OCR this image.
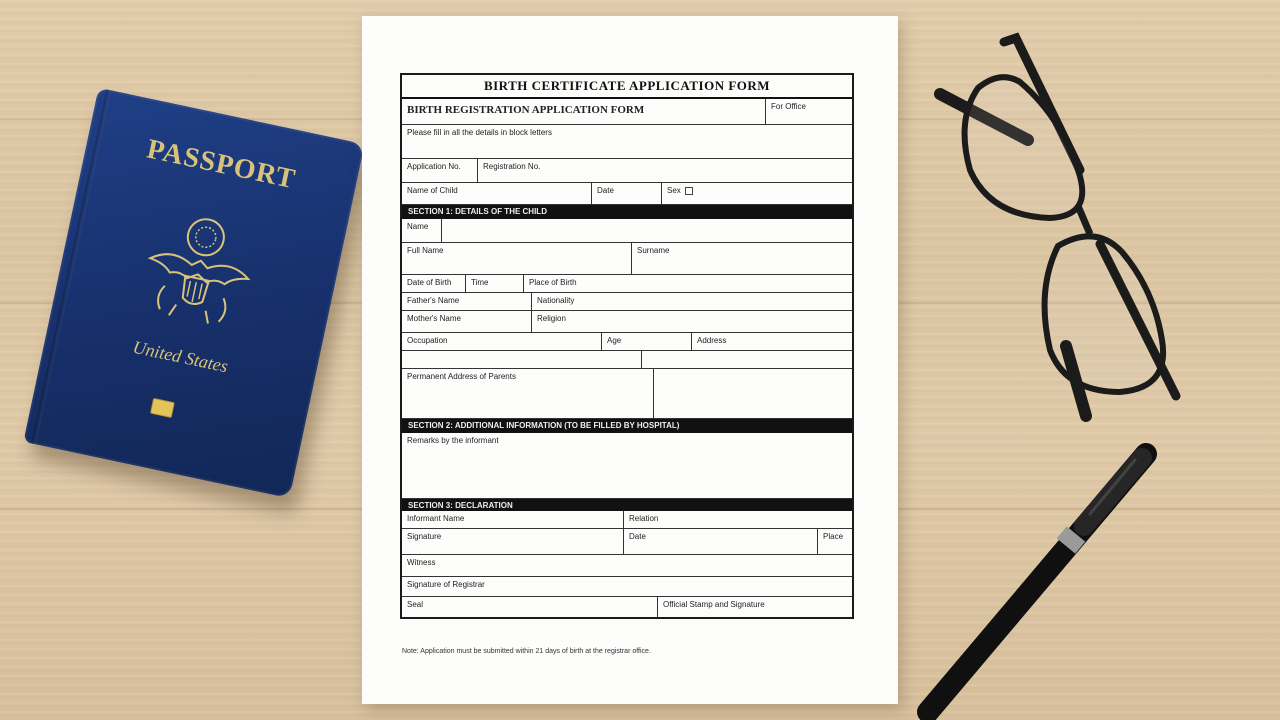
PASSPORT
United States
BIRTH CERTIFICATE APPLICATION FORM
BIRTH REGISTRATION APPLICATION FORM	For Office
Please fill in all the details in block letters
Application No.	Registration No.
Name of Child	Date	Sex
SECTION 1: DETAILS OF THE CHILD
Name
Full Name	Surname
Date of Birth	Time	Place of Birth
Father's Name	Nationality
Mother's Name	Religion
Occupation	Age	Address
Permanent Address of Parents
SECTION 2: ADDITIONAL INFORMATION (TO BE FILLED BY HOSPITAL)
Remarks by the informant
SECTION 3: DECLARATION
Informant Name	Relation
Signature	Date	Place
Witness
Signature of Registrar
Seal	Official Stamp and Signature
Note: Application must be submitted within 21 days of birth at the registrar office.
